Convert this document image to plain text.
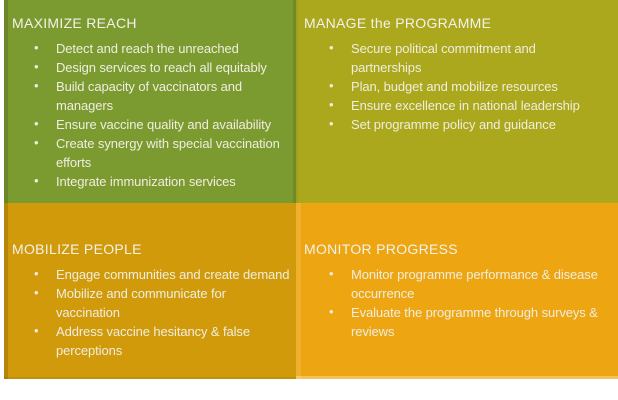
MAXIMIZE REACH
• Detect and reach the unreached
• Design services to reach all equitably
• Build capacity of vaccinators and managers
• Ensure vaccine quality and availability
• Create synergy with special vaccination efforts
• Integrate immunization services
MANAGE the PROGRAMME
• Secure political commitment and partnerships
• Plan, budget and mobilize resources
• Ensure excellence in national leadership
• Set programme policy and guidance
MOBILIZE PEOPLE
• Engage communities and create demand
• Mobilize and communicate for vaccination
• Address vaccine hesitancy & false perceptions
MONITOR PROGRESS
• Monitor programme performance & disease occurrence
• Evaluate the programme through surveys & reviews
